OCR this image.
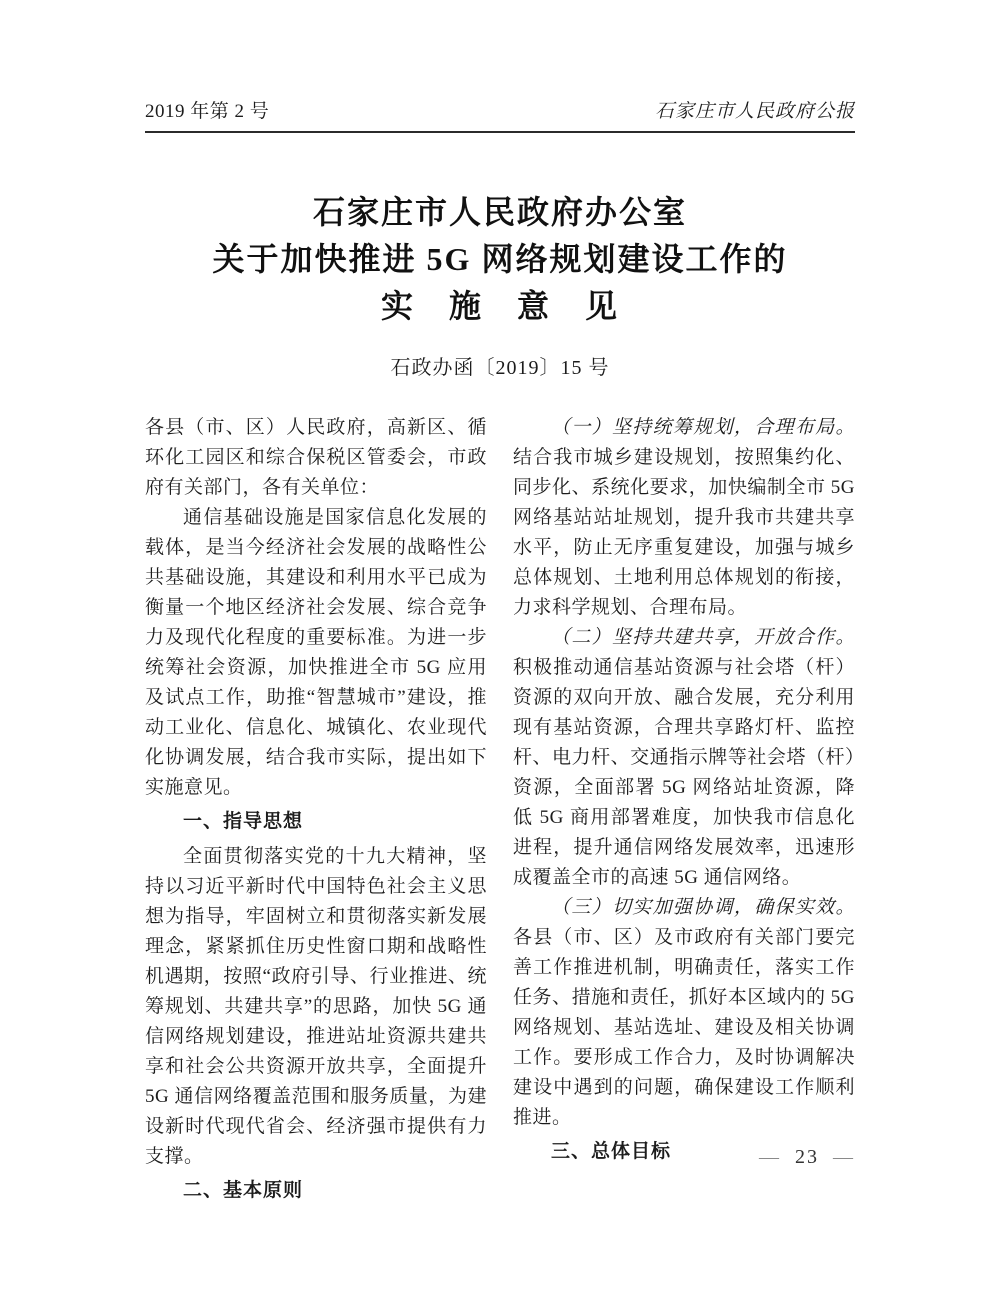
2019 年第 2 号	石家庄市人民政府公报
石家庄市人民政府办公室
关于加快推进 5G 网络规划建设工作的
实　施　意　见
石政办函〔2019〕15 号

各县（市、区）人民政府，高新区、循环化工园区和综合保税区管委会，市政府有关部门，各有关单位：

通信基础设施是国家信息化发展的载体，是当今经济社会发展的战略性公共基础设施，其建设和利用水平已成为衡量一个地区经济社会发展、综合竞争力及现代化程度的重要标准。为进一步统筹社会资源，加快推进全市 5G 应用及试点工作，助推“智慧城市”建设，推动工业化、信息化、城镇化、农业现代化协调发展，结合我市实际，提出如下实施意见。

一、指导思想

全面贯彻落实党的十九大精神，坚持以习近平新时代中国特色社会主义思想为指导，牢固树立和贯彻落实新发展理念，紧紧抓住历史性窗口期和战略性机遇期，按照“政府引导、行业推进、统筹规划、共建共享”的思路，加快 5G 通信网络规划建设，推进站址资源共建共享和社会公共资源开放共享，全面提升 5G 通信网络覆盖范围和服务质量，为建设新时代现代省会、经济强市提供有力支撑。

二、基本原则

（一）坚持统筹规划，合理布局。结合我市城乡建设规划，按照集约化、同步化、系统化要求，加快编制全市 5G 网络基站站址规划，提升我市共建共享水平，防止无序重复建设，加强与城乡总体规划、土地利用总体规划的衔接，力求科学规划、合理布局。

（二）坚持共建共享，开放合作。积极推动通信基站资源与社会塔（杆）资源的双向开放、融合发展，充分利用现有基站资源，合理共享路灯杆、监控杆、电力杆、交通指示牌等社会塔（杆）资源，全面部署 5G 网络站址资源，降低 5G 商用部署难度，加快我市信息化进程，提升通信网络发展效率，迅速形成覆盖全市的高速 5G 通信网络。

（三）切实加强协调，确保实效。各县（市、区）及市政府有关部门要完善工作推进机制，明确责任，落实工作任务、措施和责任，抓好本区域内的 5G 网络规划、基站选址、建设及相关协调工作。要形成工作合力，及时协调解决建设中遇到的问题，确保建设工作顺利推进。

三、总体目标	— 23 —
